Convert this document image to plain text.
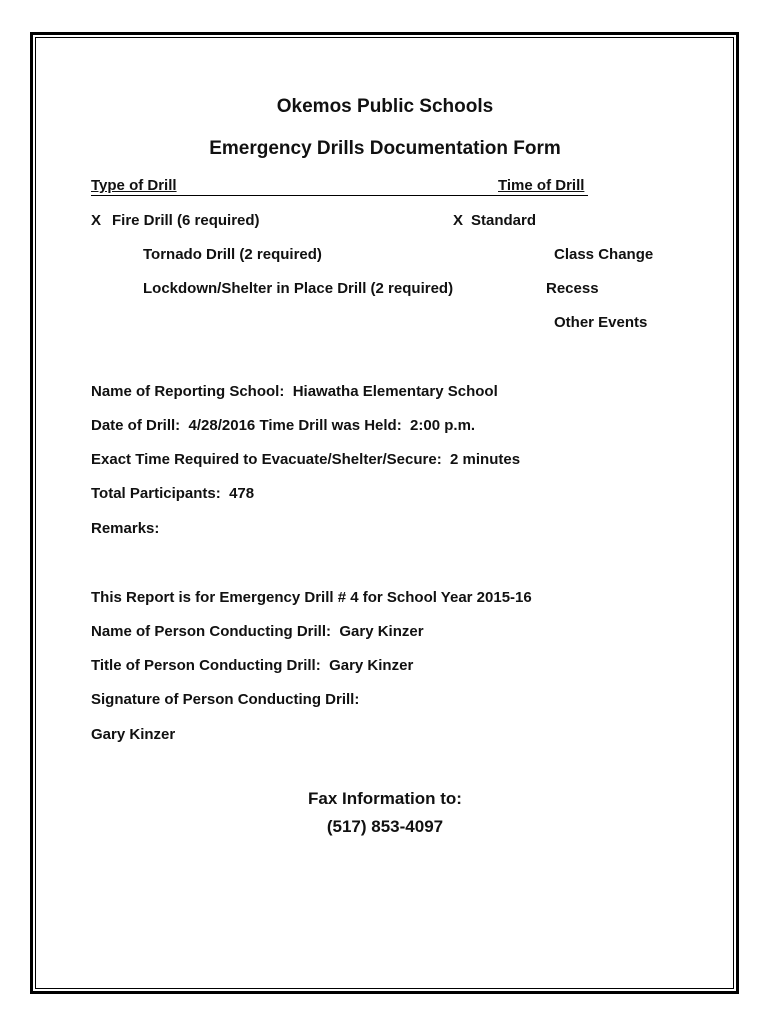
Okemos Public Schools
Emergency Drills Documentation Form
Type of Drill	Time of Drill
X Fire Drill (6 required)
Tornado Drill (2 required)
Lockdown/Shelter in Place Drill (2 required)
X Standard
Class Change
Recess
Other Events
Name of Reporting School: Hiawatha Elementary School
Date of Drill: 4/28/2016 Time Drill was Held: 2:00 p.m.
Exact Time Required to Evacuate/Shelter/Secure: 2 minutes
Total Participants: 478
Remarks:
This Report is for Emergency Drill # 4 for School Year 2015-16
Name of Person Conducting Drill: Gary Kinzer
Title of Person Conducting Drill: Gary Kinzer
Signature of Person Conducting Drill:
Gary Kinzer
Fax Information to:
(517) 853-4097
